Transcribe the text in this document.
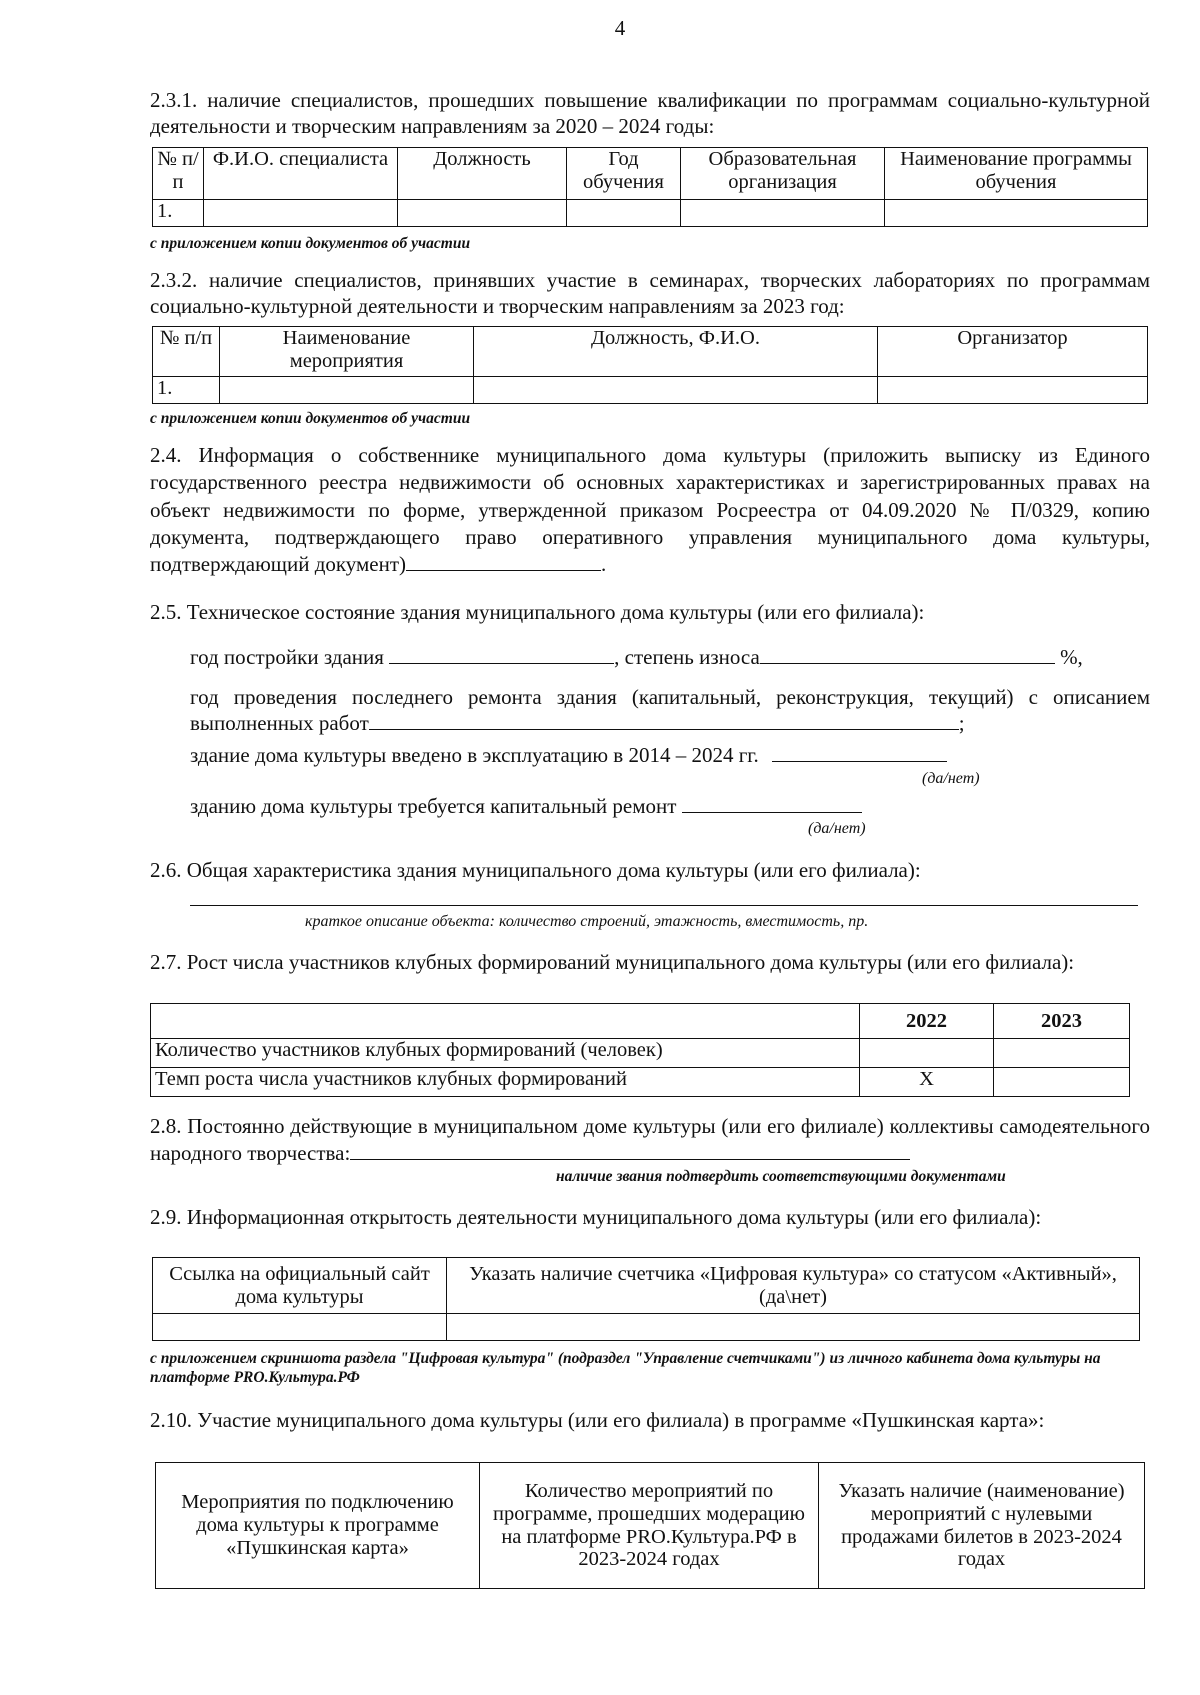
4
2.3.1. наличие специалистов, прошедших повышение квалификации по программам социально-культурной деятельности и творческим направлениям за 2020 – 2024 годы:
№ п/п	Ф.И.О. специалиста	Должность	Год обучения	Образовательная организация	Наименование программы обучения
1.					
с приложением копии документов об участии
2.3.2. наличие специалистов, принявших участие в семинарах, творческих лабораториях по программам социально-культурной деятельности и творческим направлениям за 2023 год:
№ п/п	Наименование мероприятия	Должность, Ф.И.О.	Организатор
1.			
с приложением копии документов об участии
2.4. Информация о собственнике муниципального дома культуры (приложить выписку из Единого государственного реестра недвижимости об основных характеристиках и зарегистрированных правах на объект недвижимости по форме, утвержденной приказом Росреестра от 04.09.2020 № П/0329, копию документа, подтверждающего право оперативного управления муниципального дома культуры, подтверждающий документ)	.
2.5. Техническое состояние здания муниципального дома культуры (или его филиала):
год постройки здания	, степень износа	%,
год проведения последнего ремонта здания (капитальный, реконструкция, текущий) с описанием выполненных работ	;
здание дома культуры введено в эксплуатацию в 2014 – 2024 гг.
(да/нет)
зданию дома культуры требуется капитальный ремонт
(да/нет)
2.6. Общая характеристика здания муниципального дома культуры (или его филиала):
краткое описание объекта: количество строений, этажность, вместимость, пр.
2.7. Рост числа участников клубных формирований муниципального дома культуры (или его филиала):
	2022	2023
Количество участников клубных формирований (человек)		
Темп роста числа участников клубных формирований	X	
2.8. Постоянно действующие в муниципальном доме культуры (или его филиале) коллективы самодеятельного народного творчества:
наличие звания подтвердить соответствующими документами
2.9. Информационная открытость деятельности муниципального дома культуры (или его филиала):
Ссылка на официальный сайт дома культуры	Указать наличие счетчика «Цифровая культура» со статусом «Активный», (да\нет)

с приложением скриншота раздела "Цифровая культура" (подраздел "Управление счетчиками") из личного кабинета дома культуры на платформе PRO.Культура.РФ
2.10. Участие муниципального дома культуры (или его филиала) в программе «Пушкинская карта»:
Мероприятия по подключению дома культуры к программе «Пушкинская карта»	Количество мероприятий по программе, прошедших модерацию на платформе PRO.Культура.РФ в 2023-2024 годах	Указать наличие (наименование) мероприятий с нулевыми продажами билетов в 2023-2024 годах
